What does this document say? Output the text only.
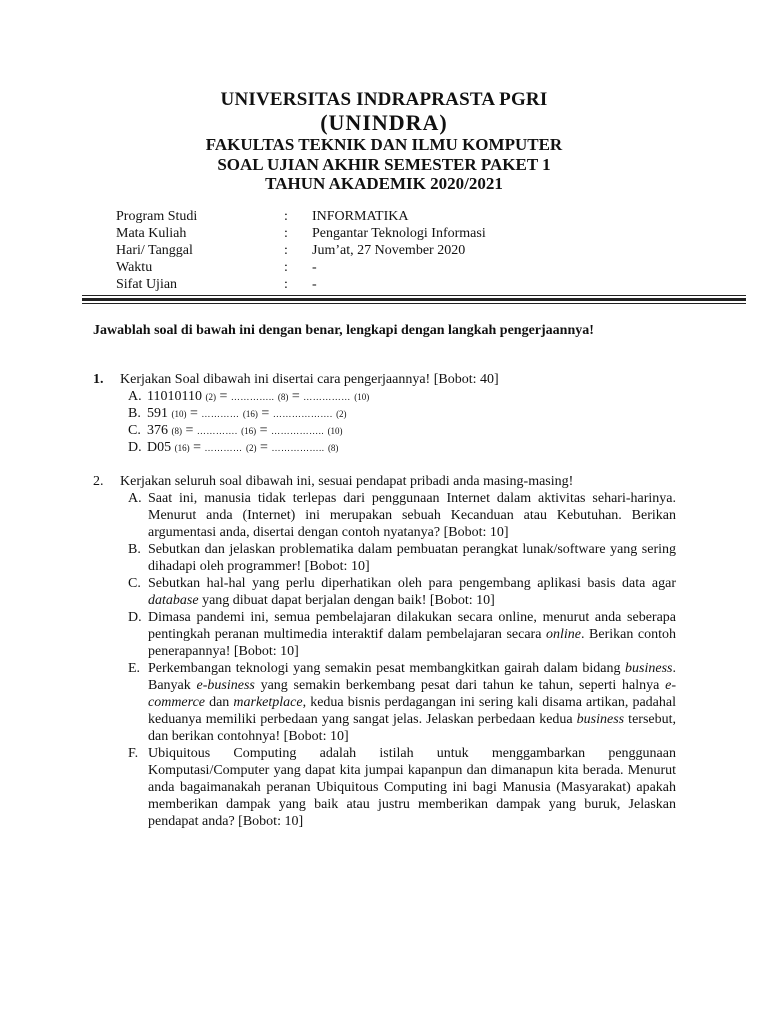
UNIVERSITAS INDRAPRASTA PGRI
(UNINDRA)
FAKULTAS TEKNIK DAN ILMU KOMPUTER
SOAL UJIAN AKHIR SEMESTER PAKET 1
TAHUN AKADEMIK 2020/2021
Program Studi	:	INFORMATIKA
Mata Kuliah	:	Pengantar Teknologi Informasi
Hari/ Tanggal	:	Jum’at, 27 November 2020
Waktu	:	-
Sifat Ujian	:	-
Jawablah soal di bawah ini dengan benar, lengkapi dengan langkah pengerjaannya!
1.	Kerjakan Soal dibawah ini disertai cara pengerjaannya! [Bobot: 40]
A. 11010110 (2) = ………….. (8) = …………… (10)
B. 591 (10) = ………… (16) = ………………. (2)
C. 376 (8) = …………. (16) = …………….. (10)
D. D05 (16) = ………… (2) = …………….. (8)
2.	Kerjakan seluruh soal dibawah ini, sesuai pendapat pribadi anda masing-masing!
A. Saat ini, manusia tidak terlepas dari penggunaan Internet dalam aktivitas sehari-harinya. Menurut anda (Internet) ini merupakan sebuah Kecanduan atau Kebutuhan. Berikan argumentasi anda, disertai dengan contoh nyatanya? [Bobot: 10]
B. Sebutkan dan jelaskan problematika dalam pembuatan perangkat lunak/software yang sering dihadapi oleh programmer! [Bobot: 10]
C. Sebutkan hal-hal yang perlu diperhatikan oleh para pengembang aplikasi basis data agar database yang dibuat dapat berjalan dengan baik! [Bobot: 10]
D. Dimasa pandemi ini, semua pembelajaran dilakukan secara online, menurut anda seberapa pentingkah peranan multimedia interaktif dalam pembelajaran secara online. Berikan contoh penerapannya! [Bobot: 10]
E. Perkembangan teknologi yang semakin pesat membangkitkan gairah dalam bidang business. Banyak e-business yang semakin berkembang pesat dari tahun ke tahun, seperti halnya e-commerce dan marketplace, kedua bisnis perdagangan ini sering kali disama artikan, padahal keduanya memiliki perbedaan yang sangat jelas. Jelaskan perbedaan kedua business tersebut, dan berikan contohnya! [Bobot: 10]
F. Ubiquitous Computing adalah istilah untuk menggambarkan penggunaan Komputasi/Computer yang dapat kita jumpai kapanpun dan dimanapun kita berada. Menurut anda bagaimanakah peranan Ubiquitous Computing ini bagi Manusia (Masyarakat) apakah memberikan dampak yang baik atau justru memberikan dampak yang buruk, Jelaskan pendapat anda? [Bobot: 10]
